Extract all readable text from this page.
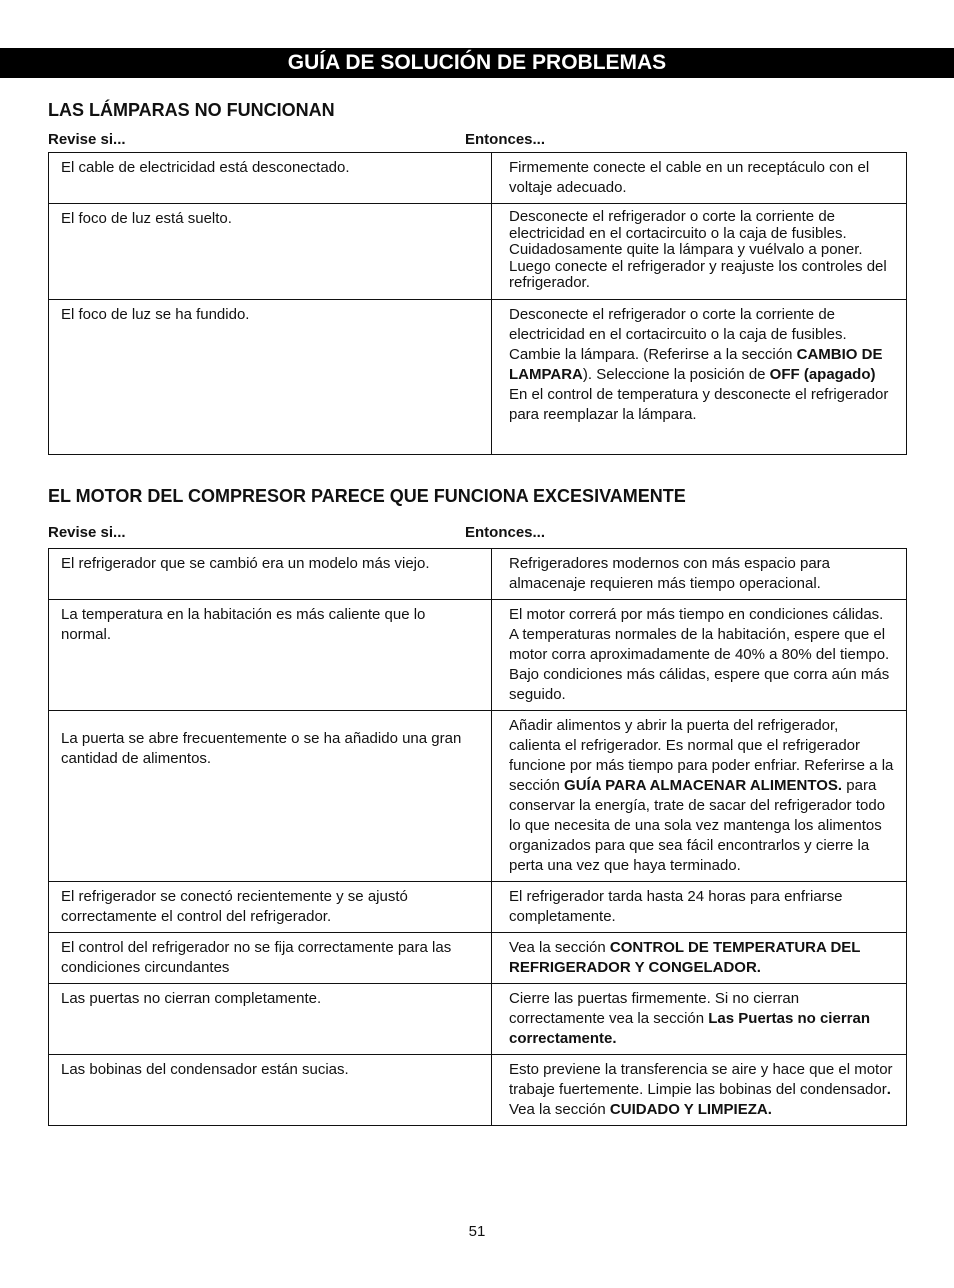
GUÍA DE SOLUCIÓN DE PROBLEMAS
LAS LÁMPARAS NO FUNCIONAN
Revise si...	Entonces...
El cable de electricidad está desconectado.	Firmemente conecte el cable en un receptáculo con el voltaje adecuado.
El foco de luz está suelto.	Desconecte el refrigerador o corte la corriente de electricidad en el cortacircuito o la caja de fusibles. Cuidadosamente quite la lámpara y vuélvalo a poner. Luego conecte el refrigerador y reajuste los controles del refrigerador.
El foco de luz se ha fundido.	Desconecte el refrigerador o corte la corriente de electricidad en el cortacircuito o la caja de fusibles. Cambie la lámpara. (Referirse a la sección CAMBIO DE LAMPARA). Seleccione la posición de OFF (apagado) En el control de temperatura y desconecte el refrigerador para reemplazar la lámpara.
EL MOTOR DEL COMPRESOR PARECE QUE FUNCIONA EXCESIVAMENTE
Revise si...	Entonces...
El refrigerador que se cambió era un modelo más viejo.	Refrigeradores modernos con más espacio para almacenaje requieren más tiempo operacional.
La temperatura en la habitación es más caliente que lo normal.	El motor correrá por más tiempo en condiciones cálidas. A temperaturas normales de la habitación, espere que el motor corra aproximadamente de 40% a 80% del tiempo. Bajo condiciones más cálidas, espere que corra aún más seguido.
La puerta se abre frecuentemente o se ha añadido una gran cantidad de alimentos.	Añadir alimentos y abrir la puerta del refrigerador, calienta el refrigerador. Es normal que el refrigerador funcione por más tiempo para poder enfriar. Referirse a la sección GUÍA PARA ALMACENAR ALIMENTOS. para conservar la energía, trate de sacar del refrigerador todo lo que necesita de una sola vez mantenga los alimentos organizados para que sea fácil encontrarlos y cierre la perta una vez que haya terminado.
El refrigerador se conectó recientemente y se ajustó correctamente el control del refrigerador.	El refrigerador tarda hasta 24 horas para enfriarse completamente.
El control del refrigerador no se fija correctamente para las condiciones circundantes	Vea la sección CONTROL DE TEMPERATURA DEL REFRIGERADOR Y CONGELADOR.
Las puertas no cierran completamente.	Cierre las puertas firmemente. Si no cierran correctamente vea la sección Las Puertas no cierran correctamente.
Las bobinas del condensador están sucias.	Esto previene la transferencia se aire y hace que el motor trabaje fuertemente. Limpie las bobinas del condensador. Vea la sección CUIDADO Y LIMPIEZA.
51
